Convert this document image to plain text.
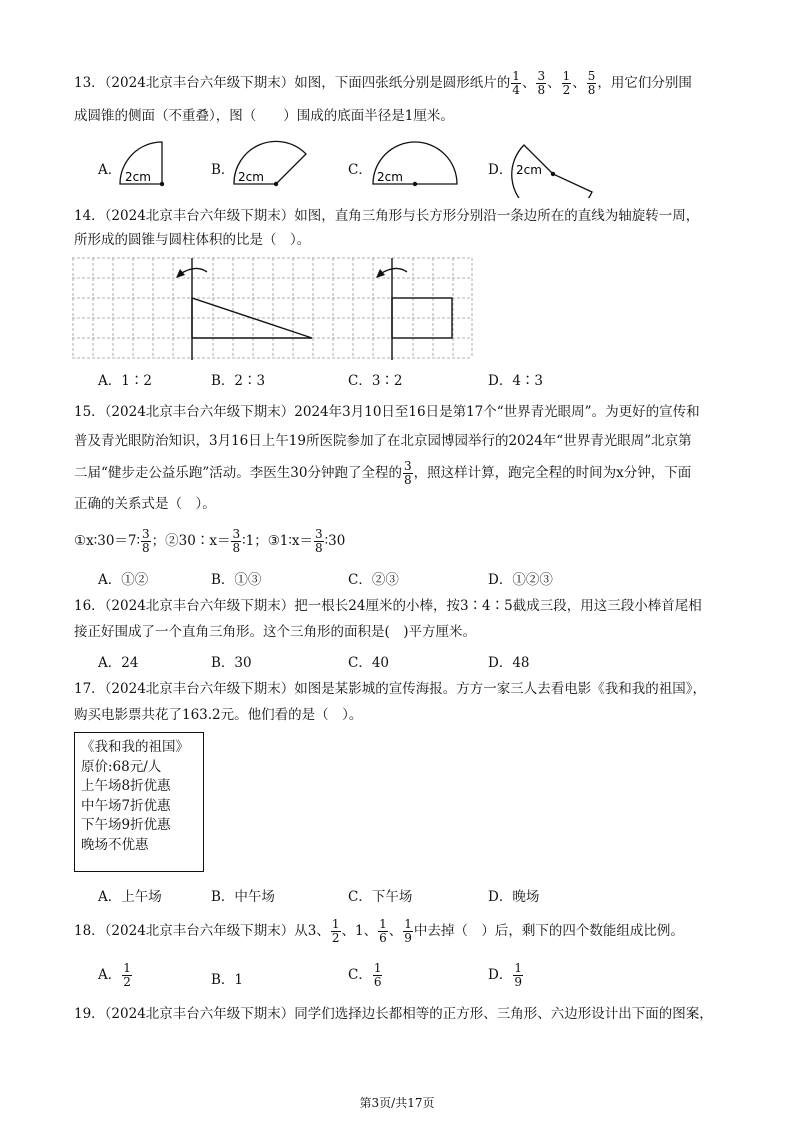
13．（2024北京丰台六年级下期末）如图，下面四张纸分别是圆形纸片的 $\frac{1}{4}$ 、 $\frac{3}{8}$ 、 $\frac{1}{2}$ 、 $\frac{5}{8}$ ，用它们分别围
成圆锥的侧面（不重叠），图（　　）围成的底面半径是1厘米。
A．	B．	C．	D．
2cm	2cm	2cm	2cm
14．（2024北京丰台六年级下期末）如图，直角三角形与长方形分别沿一条边所在的直线为轴旋转一周，
所形成的圆锥与圆柱体积的比是（　）。
A．1∶2	B．2∶3	C．3∶2	D．4∶3
15．（2024北京丰台六年级下期末）2024年3月10日至16日是第17个“世界青光眼周”。为更好的宣传和
普及青光眼防治知识，3月16日上午19所医院参加了在北京园博园举行的2024年“世界青光眼周”北京第
二届“健步走公益乐跑”活动。李医生30分钟跑了全程的 $\frac{3}{8}$ ，照这样计算，跑完全程的时间为x分钟，下面
正确的关系式是（　）。
①x∶30＝7∶ $\frac{3}{8}$ ；②30∶x＝ $\frac{3}{8}$ ∶1；③1∶x＝ $\frac{3}{8}$ ∶30
A．①②	B．①③	C．②③	D．①②③
16．（2024北京丰台六年级下期末）把一根长24厘米的小棒，按3∶4∶5截成三段，用这三段小棒首尾相
接正好围成了一个直角三角形。这个三角形的面积是(　)平方厘米。
A．24	B．30	C．40	D．48
17．（2024北京丰台六年级下期末）如图是某影城的宣传海报。方方一家三人去看电影《我和我的祖国》，
购买电影票共花了163.2元。他们看的是（　）。
《我和我的祖国》
原价:68元/人
上午场8折优惠
中午场7折优惠
下午场9折优惠
晚场不优惠
A．上午场	B．中午场	C．下午场	D．晚场
18．（2024北京丰台六年级下期末）从3、 $\frac{1}{2}$ 、1、 $\frac{1}{6}$ 、 $\frac{1}{9}$ 中去掉（　）后，剩下的四个数能组成比例。
A． $\frac{1}{2}$	B．1	C． $\frac{1}{6}$	D． $\frac{1}{9}$
19．（2024北京丰台六年级下期末）同学们选择边长都相等的正方形、三角形、六边形设计出下面的图案，
第3页/共17页
